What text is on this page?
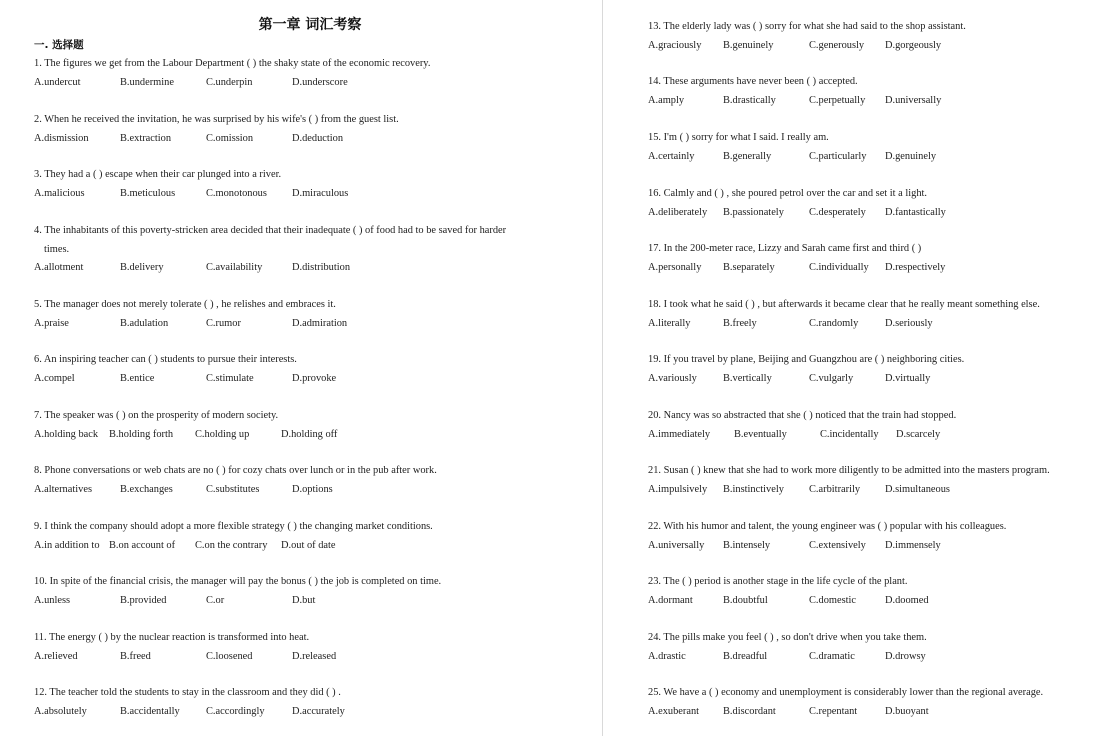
第一章 词汇考察
一. 选择题
1. The figures we get from the Labour Department ( ) the shaky state of the economic recovery.
A.undercut	B.undermine	C.underpin	D.underscore
2. When he received the invitation, he was surprised by his wife's ( ) from the guest list.
A.dismission	B.extraction	C.omission	D.deduction
3. They had a ( ) escape when their car plunged into a river.
A.malicious	B.meticulous	C.monotonous D.miraculous
4. The inhabitants of this poverty-stricken area decided that their inadequate ( ) of food had to be saved for harder
times.
A.allotment	B.delivery	C.availability	D.distribution
5. The manager does not merely tolerate ( ) , he relishes and embraces it.
A.praise	B.adulation	C.rumor	D.admiration
6. An inspiring teacher can ( ) students to pursue their interests.
A.compel	B.entice	C.stimulate	D.provoke
7. The speaker was ( ) on the prosperity of modern society.
A.holding back B.holding forth C.holding up	D.holding off
8. Phone conversations or web chats are no ( ) for cozy chats over lunch or in the pub after work.
A.alternatives	B.exchanges	C.substitutes	D.options
9. I think the company should adopt a more flexible strategy ( ) the changing market conditions.
A.in addition to B.on account of C.on the contrary D.out of date
10. In spite of the financial crisis, the manager will pay the bonus ( ) the job is completed on time.
A.unless	B.provided	C.or	D.but
11. The energy ( ) by the nuclear reaction is transformed into heat.
A.relieved	B.freed	C.loosened	D.released
12. The teacher told the students to stay in the classroom and they did ( ) .
A.absolutely	B.accidentally	C.accordingly	D.accurately
13. The elderly lady was ( ) sorry for what she had said to the shop assistant.
A.graciously B.genuinely	C.generously D.gorgeously
14. These arguments have never been ( ) accepted.
A.amply	B.drastically	C.perpetually D.universally
15. I'm ( ) sorry for what I said. I really am.
A.certainly	B.generally	C.particularly D.genuinely
16. Calmly and ( ) , she poured petrol over the car and set it a light.
A.deliberately B.passionately C.desperately D.fantastically
17. In the 200-meter race, Lizzy and Sarah came first and third ( )
A.personally B.separately	C.individually D.respectively
18. I took what he said ( ) , but afterwards it became clear that he really meant something else.
A.literally	B.freely	C.randomly	D.seriously
19. If you travel by plane, Beijing and Guangzhou are ( ) neighboring cities.
A.variously	B.vertically	C.vulgarly	D.virtually
20. Nancy was so abstracted that she ( ) noticed that the train had stopped.
A.immediately B.eventually	C.incidentally D.scarcely
21. Susan ( ) knew that she had to work more diligently to be admitted into the masters program.
A.impulsively B.instinctively C.arbitrarily D.simultaneous
22. With his humor and talent, the young engineer was ( ) popular with his colleagues.
A.universally B.intensely	C.extensively D.immensely
23. The ( ) period is another stage in the life cycle of the plant.
A.dormant	B.doubtful	C.domestic	D.doomed
24. The pills make you feel ( ) , so don't drive when you take them.
A.drastic	B.dreadful	C.dramatic	D.drowsy
25. We have a ( ) economy and unemployment is considerably lower than the regional average.
A.exuberant B.discordant	C.repentant	D.buoyant
